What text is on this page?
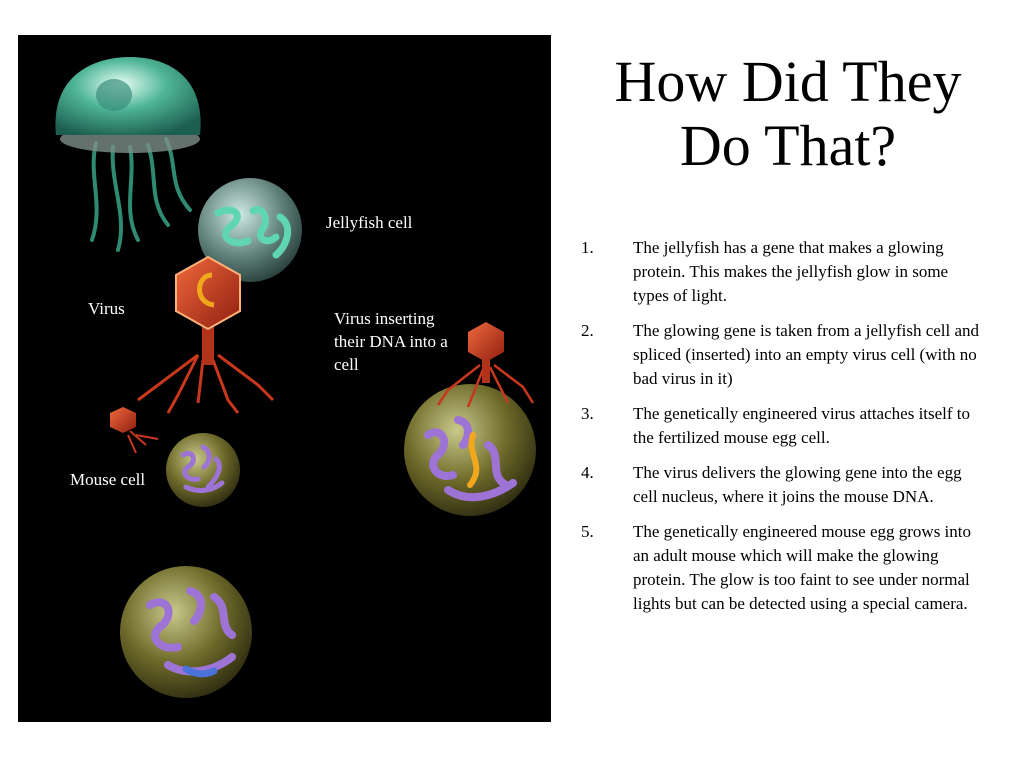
Jellyfish cell
Virus
Virus inserting their DNA into a cell
Mouse cell
How Did They Do That?
1. The jellyfish has a gene that makes a glowing protein. This makes the jellyfish glow in some types of light.
2. The glowing gene is taken from a jellyfish cell and spliced (inserted) into an empty virus cell (with no bad virus in it)
3. The genetically engineered virus attaches itself to the fertilized mouse egg cell.
4. The virus delivers the glowing gene into the egg cell nucleus, where it joins the mouse DNA.
5. The genetically engineered mouse egg grows into an adult mouse which will make the glowing protein. The glow is too faint to see under normal lights but can be detected using a special camera.
